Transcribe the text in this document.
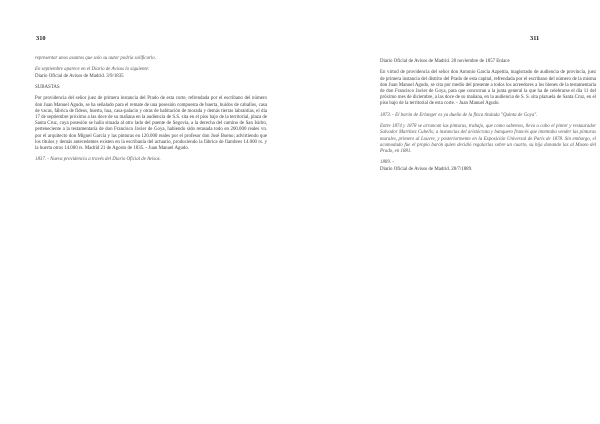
310

representar unos asuntos que solo su autor podría solificarlo.

En septiembre aparece en el Diario de Avisos lo siguiente:

Diario Oficial de Avisos de Madrid. 3/9/1835

SUBASTAS

Por providencia del señor juez de primera instancia del Prado de esta corte, refrendada por el escribano del número don Juan Manuel Agudo, se ha señalado para el remate de una posesión compuesta de huerta, huidos de caballos, casa de vacas, fábrica de fideos, huerta, hua, casa-palacio y otras de habitación de morada y demás tierras labrantías, el día 17 de septiembre próximo a las doce de su mañana en la audiencia de S.S. sita en el piso bajo de la territorial, plaza de Santa Cruz, cuya posesión se halla situada al otro lado del puente de Segovia, a la derecha del camino de San Isidro, perteneciente a la testamentaría de don Francisco Javier de Goya, habiendo sido retasada todo en 200.000 reales vn. por el arquitecto don Miguel García y las pinturas en 120.000 reales por el profesor don José Bueno; advirtiendo que los títulos y demás antecedentes existen en la escribanía del actuario, produciendo la fábrica de fiambres 14.000 rs. y la huerta otros 14.000 rs. Madrid 21 de Agosto de 1835. - Juan Manuel Agudo.

1837. - Nueva providencia a través del Diario Oficial de Avisos.

311

Diario Oficial de Avisos de Madrid. 28 noviembre de 1857 Enlace

En virtud de providencia del señor don Antonio García Azpeitia, magistrado de audiencia de provincia, juez de primera instancia del distrito del Prado de esta capital, refrendada por el escribano del número de la misma don Juan Manuel Agudo, se cita por medio del presente a todos los acreedores a los bienes de la testamentaría de don Francisco Javier de Goya, para que concurran a la junta general la que ha de celebrarse el día 11 del próximo mes de diciembre, a las doce de su mañana, en la audiencia de S. S. sita plazuela de Santa Cruz, en el piso bajo de la territorial de esta corte. - Juan Manuel Agudo.

1873. - El barón de Erlanger es ya dueño de la finca titulada "Quinta de Goya".

Entre 1874 y 1878 se arrancan las pinturas, trabajo, que como sabemos, lleva a cabo el pintor y restaurador Salvador Martínez Cubells; a instancias del aristócrata y banquero francés que intentaba vender las pinturas murales, primero al Louvre, y posteriormente en la Exposición Universal de París de 1878. Sin embargo, el acomodado fue el propio barón quien decidió regalarlas sobre un cuarto, su hija donando las al Museo del Prado, en 1881.

1889. -

Diario Oficial de Avisos de Madrid. 28/7/1889.
